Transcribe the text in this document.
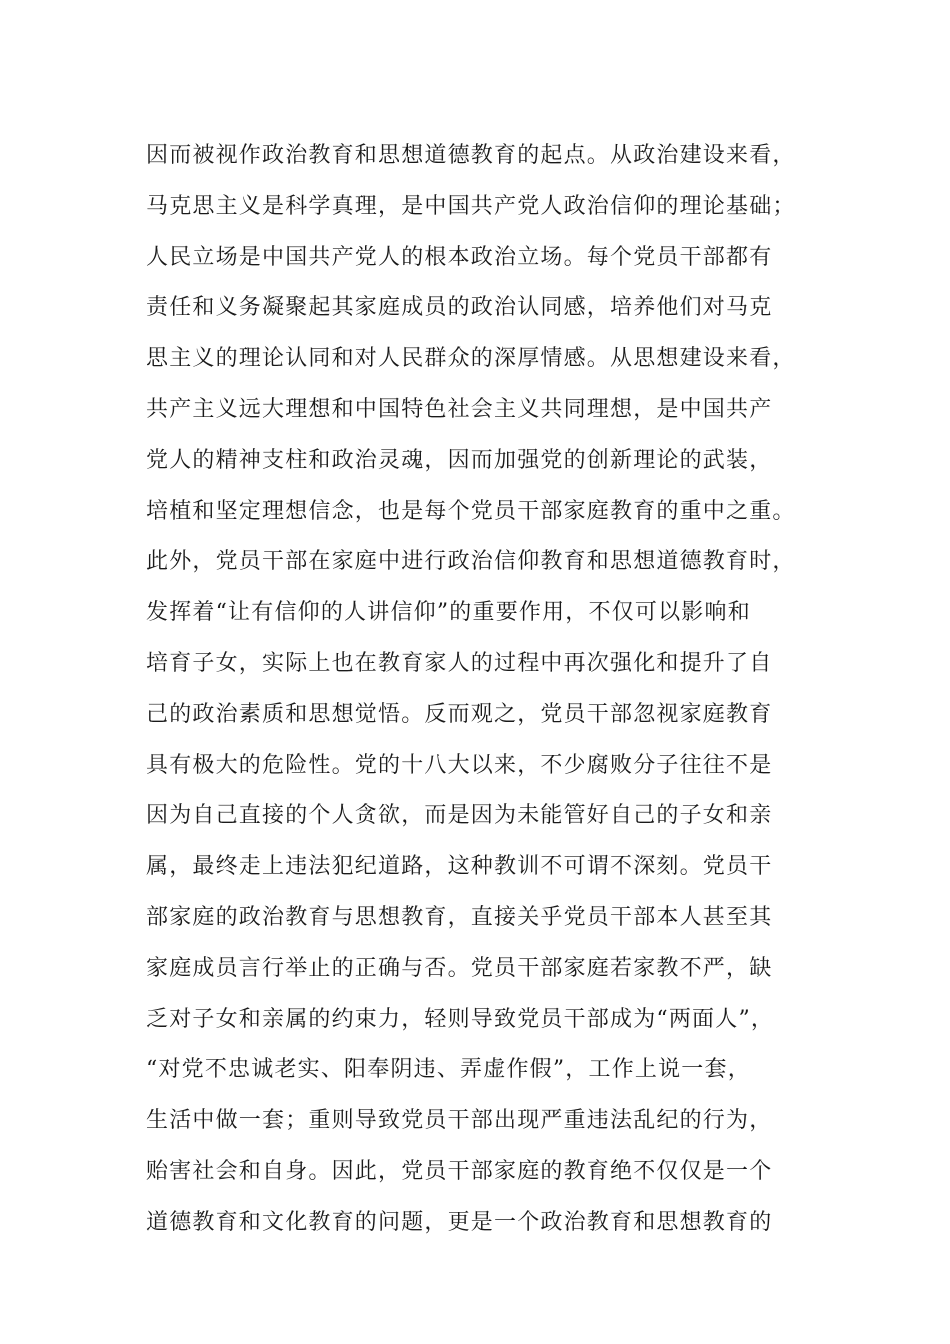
因而被视作政治教育和思想道德教育的起点。从政治建设来看，
马克思主义是科学真理，是中国共产党人政治信仰的理论基础；
人民立场是中国共产党人的根本政治立场。每个党员干部都有
责任和义务凝聚起其家庭成员的政治认同感，培养他们对马克
思主义的理论认同和对人民群众的深厚情感。从思想建设来看，
共产主义远大理想和中国特色社会主义共同理想，是中国共产
党人的精神支柱和政治灵魂，因而加强党的创新理论的武装，
培植和坚定理想信念，也是每个党员干部家庭教育的重中之重。
此外，党员干部在家庭中进行政治信仰教育和思想道德教育时，
发挥着“让有信仰的人讲信仰”的重要作用，不仅可以影响和
培育子女，实际上也在教育家人的过程中再次强化和提升了自
己的政治素质和思想觉悟。反而观之，党员干部忽视家庭教育
具有极大的危险性。党的十八大以来，不少腐败分子往往不是
因为自己直接的个人贪欲，而是因为未能管好自己的子女和亲
属，最终走上违法犯纪道路，这种教训不可谓不深刻。党员干
部家庭的政治教育与思想教育，直接关乎党员干部本人甚至其
家庭成员言行举止的正确与否。党员干部家庭若家教不严，缺
乏对子女和亲属的约束力，轻则导致党员干部成为“两面人”，
“对党不忠诚老实、阳奉阴违、弄虚作假”，工作上说一套，
生活中做一套；重则导致党员干部出现严重违法乱纪的行为，
贻害社会和自身。因此，党员干部家庭的教育绝不仅仅是一个
道德教育和文化教育的问题，更是一个政治教育和思想教育的
